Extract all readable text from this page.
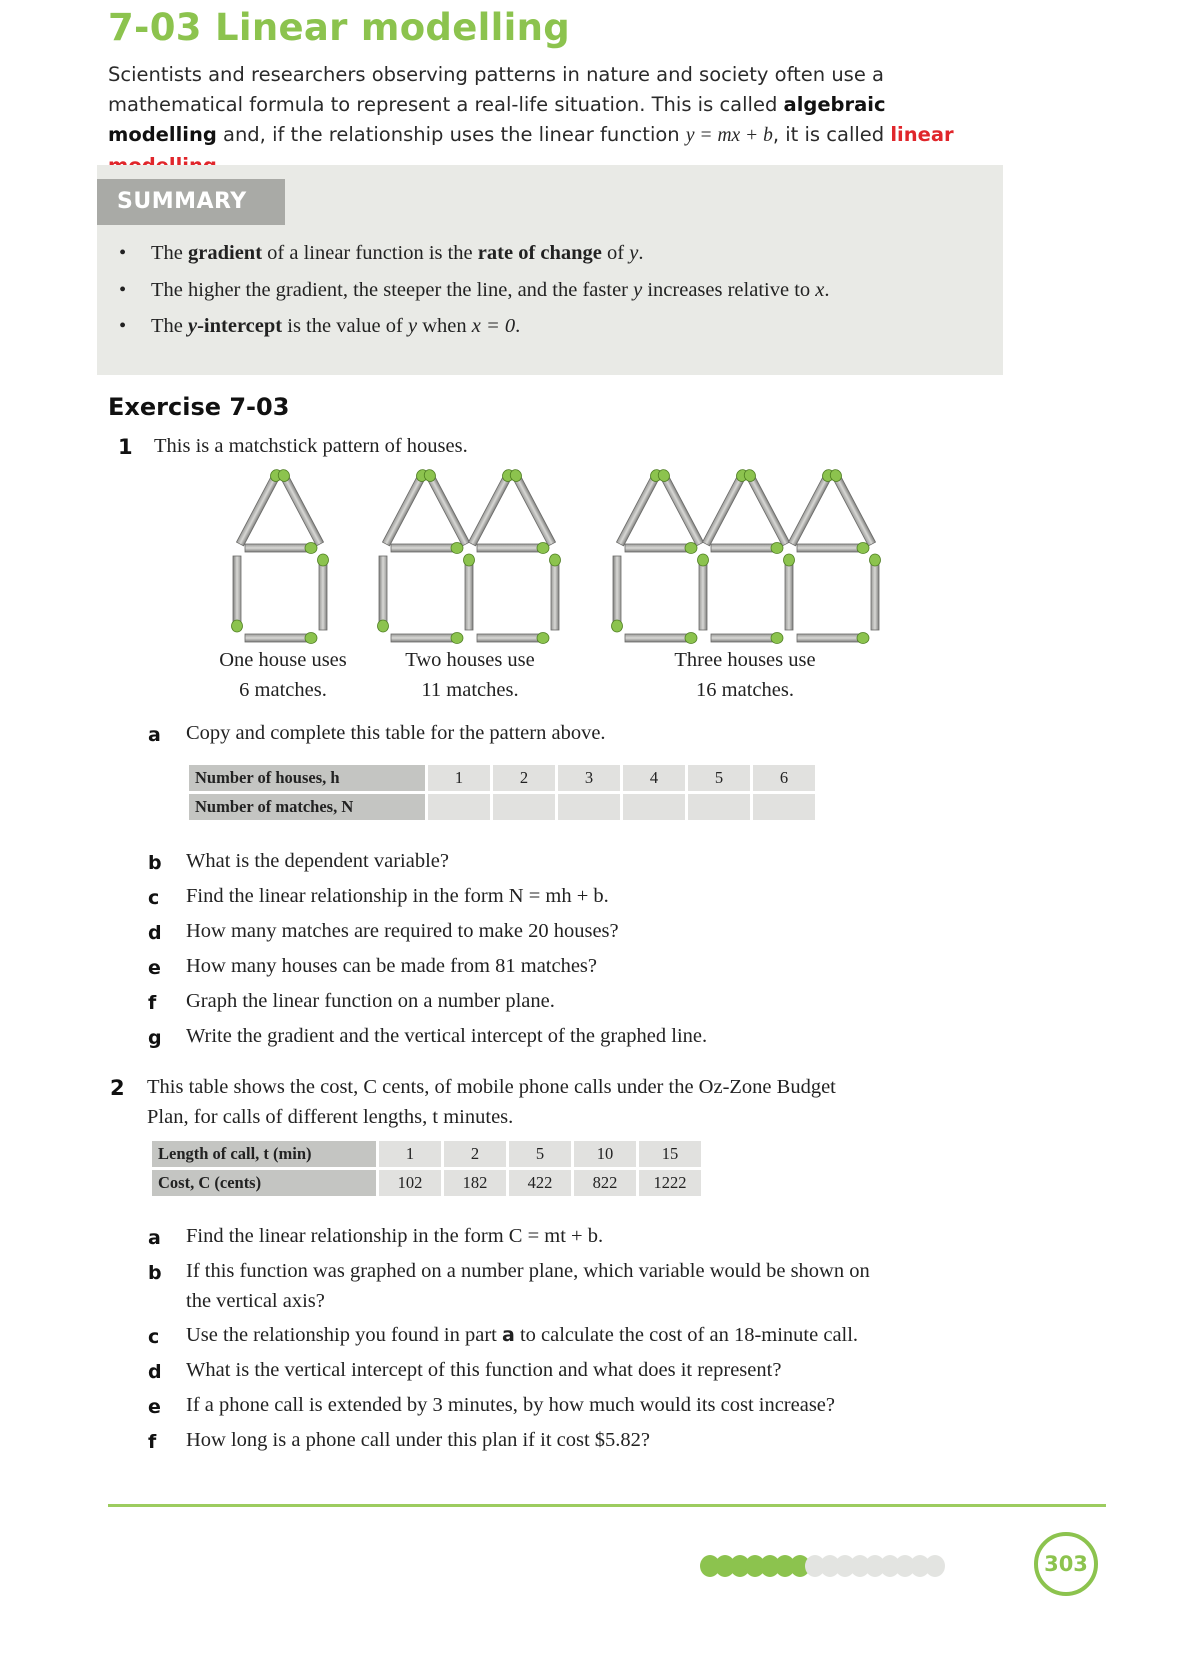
7-03 Linear modelling
Scientists and researchers observing patterns in nature and society often use a mathematical formula to represent a real-life situation. This is called algebraic modelling and, if the relationship uses the linear function y = mx + b, it is called linear
SUMMARY
• The gradient of a linear function is the rate of change of y.
• The higher the gradient, the steeper the line, and the faster y increases relative to x.
• The y-intercept is the value of y when x = 0.
Exercise 7-03
1 This is a matchstick pattern of houses.
One house uses
6 matches.
Two houses use
11 matches.
Three houses use
16 matches.
a Copy and complete this table for the pattern above.
Number of houses, h	1	2	3	4	5	6
Number of matches, N						
b What is the dependent variable?
c Find the linear relationship in the form N = mh + b.
d How many matches are required to make 20 houses?
e How many houses can be made from 81 matches?
f Graph the linear function on a number plane.
g Write the gradient and the vertical intercept of the graphed line.
2 This table shows the cost, C cents, of mobile phone calls under the Oz-Zone Budget
Plan, for calls of different lengths, t minutes.
Length of call, t (min)	1	2	5	10	15
Cost, C (cents)	102	182	422	822	1222
a Find the linear relationship in the form C = mt + b.
b If this function was graphed on a number plane, which variable would be shown on
the vertical axis?
c Use the relationship you found in part a to calculate the cost of an 18-minute call.
d What is the vertical intercept of this function and what does it represent?
e If a phone call is extended by 3 minutes, by how much would its cost increase?
f How long is a phone call under this plan if it cost $5.82?
303
